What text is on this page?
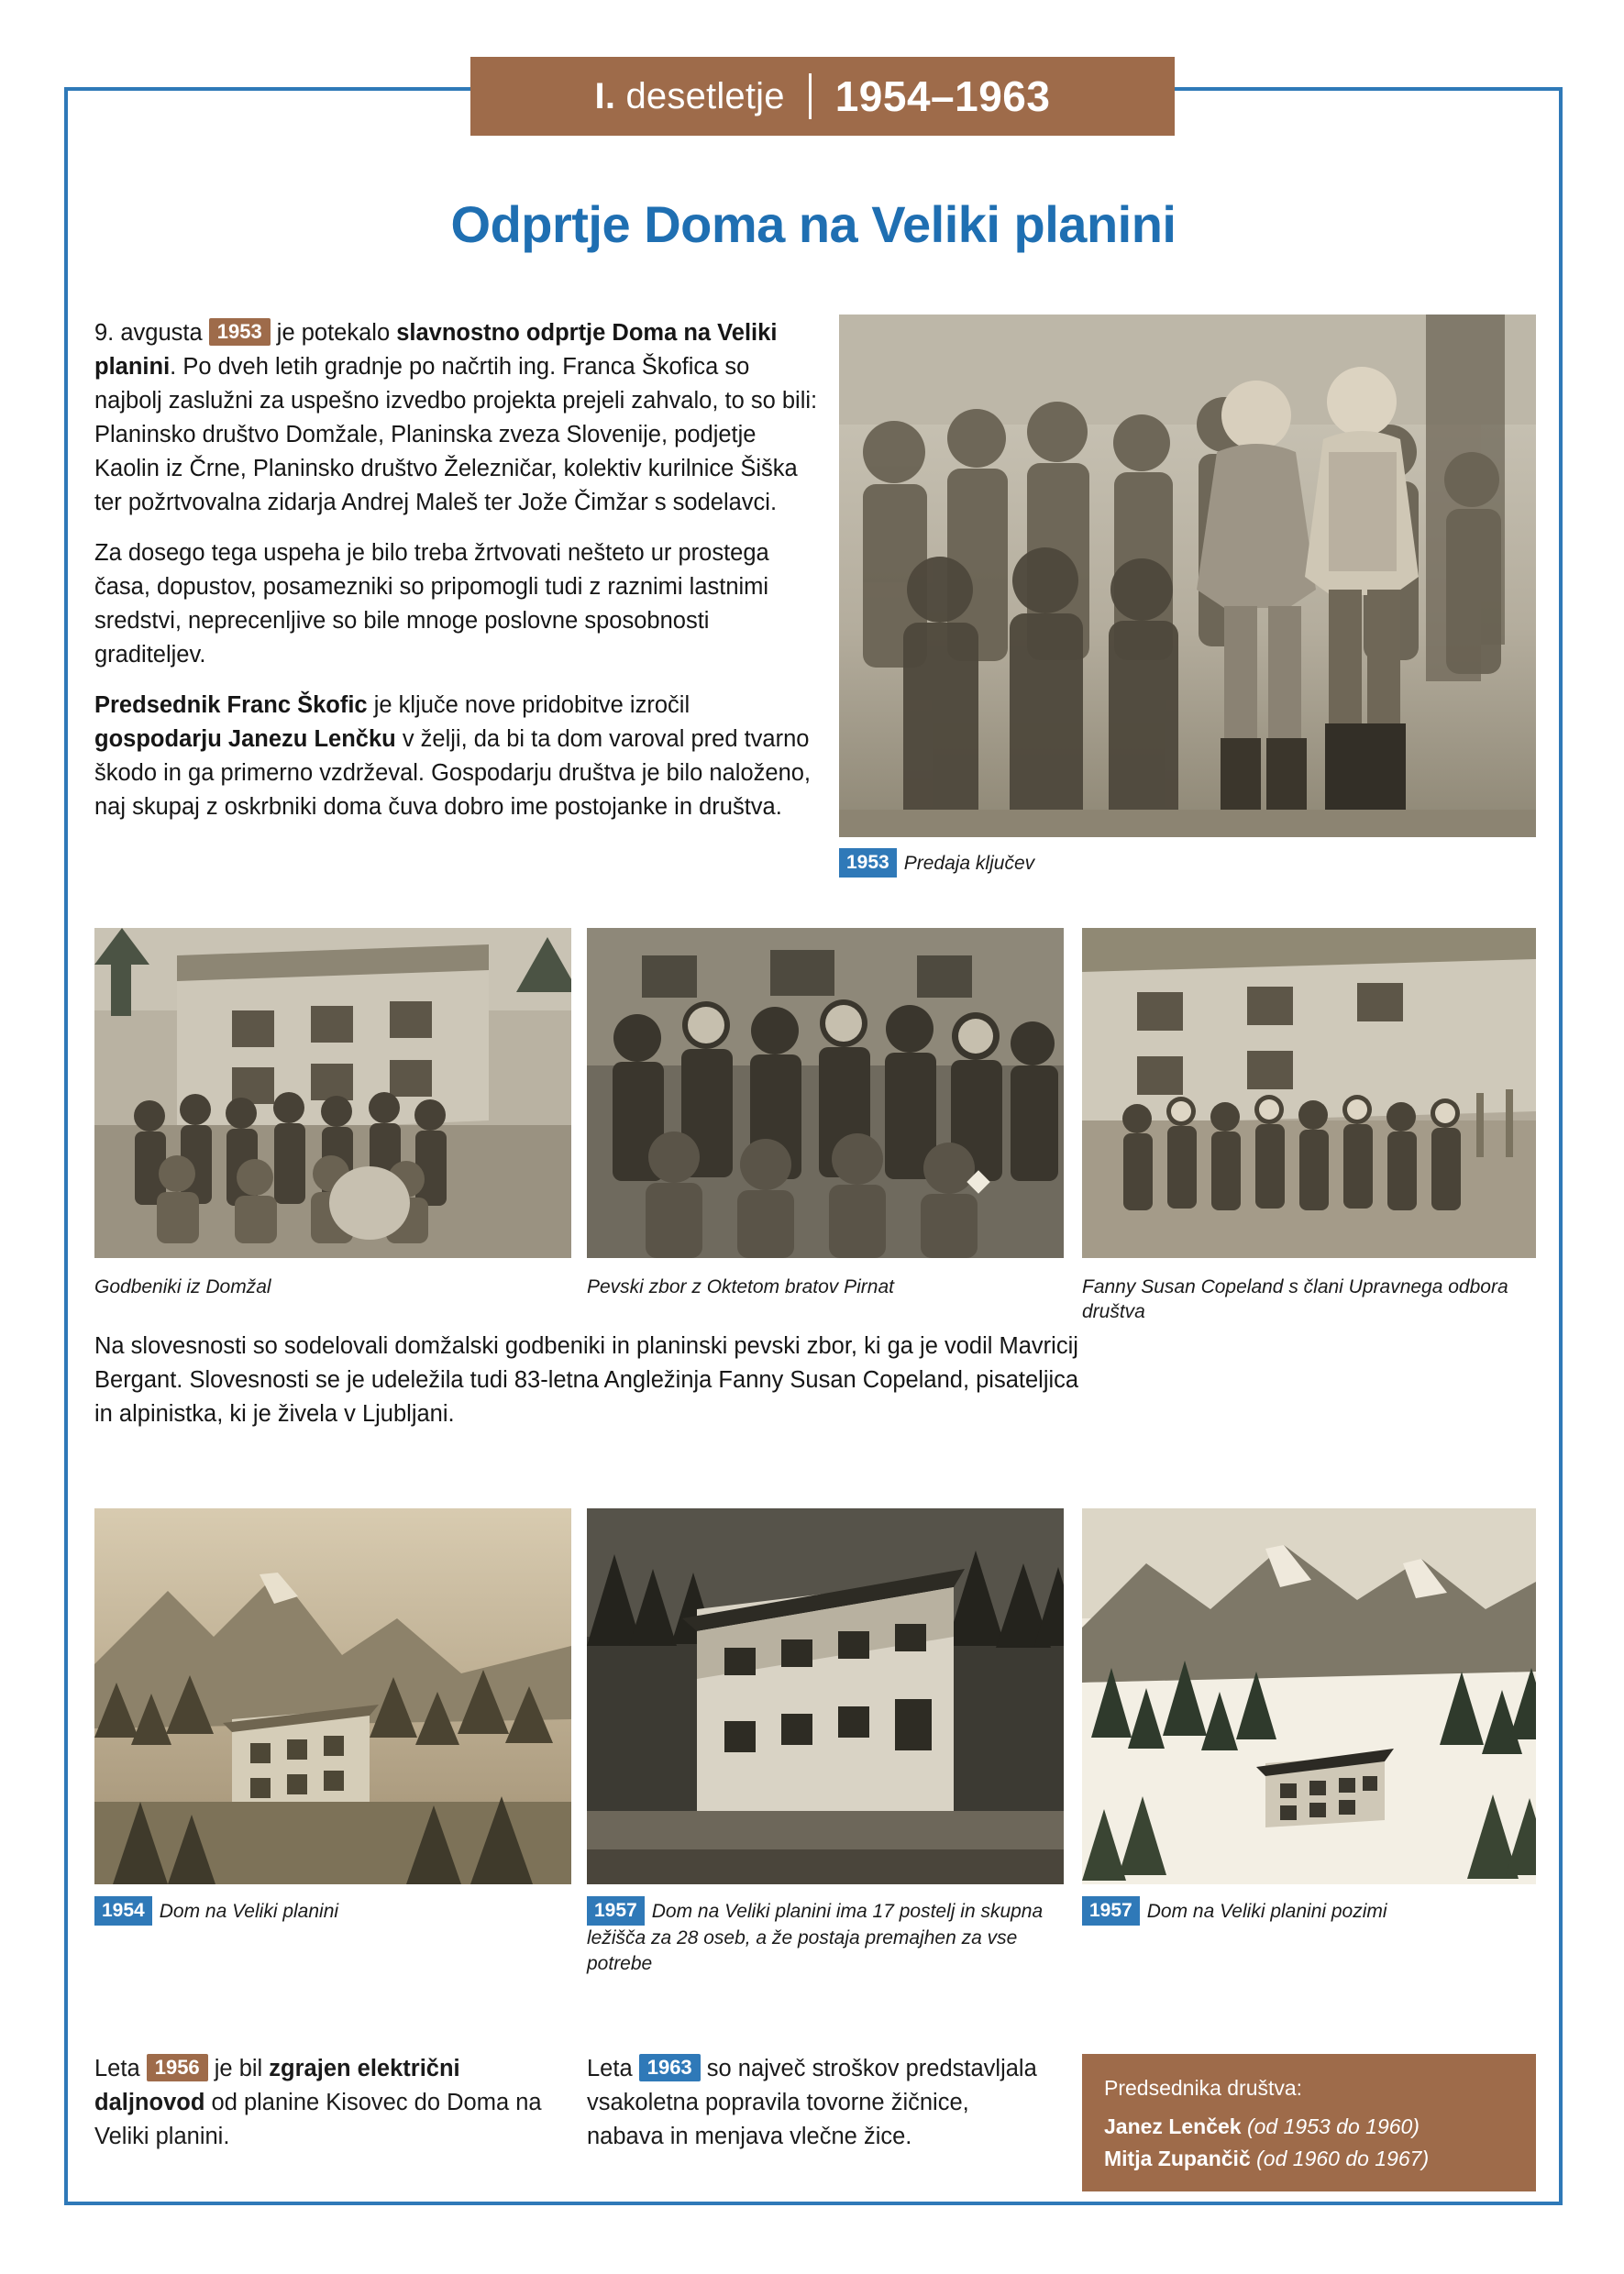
I. desetletje 1954–1963
Odprtje Doma na Veliki planini

9. avgusta 1953 je potekalo slavnostno odprtje Doma na Veliki planini. Po dveh letih gradnje po načrtih ing. Franca Škofica so najbolj zaslužni za uspešno izvedbo projekta prejeli zahvalo, to so bili: Planinsko društvo Domžale, Planinska zveza Slovenije, podjetje Kaolin iz Črne, Planinsko društvo Železničar, kolektiv kurilnice Šiška ter požrtvovalna zidarja Andrej Maleš ter Jože Čimžar s sodelavci.

Za dosego tega uspeha je bilo treba žrtvovati nešteto ur prostega časa, dopustov, posamezniki so pripomogli tudi z raznimi lastnimi sredstvi, neprecenljive so bile mnoge poslovne sposobnosti graditeljev.

Predsednik Franc Škofic je ključe nove pridobitve izročil gospodarju Janezu Lenčku v želji, da bi ta dom varoval pred tvarno škodo in ga primerno vzdrževal. Gospodarju društva je bilo naloženo, naj skupaj z oskrbniki doma čuva dobro ime postojanke in društva.

1953 Predaja ključev
Godbeniki iz Domžal	Pevski zbor z Oktetom bratov Pirnat	Fanny Susan Copeland s člani Upravnega odbora društva

Na slovesnosti so sodelovali domžalski godbeniki in planinski pevski zbor, ki ga je vodil Mavricij Bergant. Slovesnosti se je udeležila tudi 83-letna Angležinja Fanny Susan Copeland, pisateljica in alpinistka, ki je živela v Ljubljani.

1954 Dom na Veliki planini	1957 Dom na Veliki planini ima 17 postelj in skupna ležišča za 28 oseb, a že postaja premajhen za vse potrebe
1957 Dom na Veliki planini pozimi

Leta 1956 je bil zgrajen električni daljnovod od planine Kisovec do Doma na Veliki planini.

Leta 1963 so največ stroškov predstavljala vsakoletna popravila tovorne žičnice, nabava in menjava vlečne žice.

Predsednika društva:
Janez Lenček (od 1953 do 1960)
Mitja Zupančič (od 1960 do 1967)
